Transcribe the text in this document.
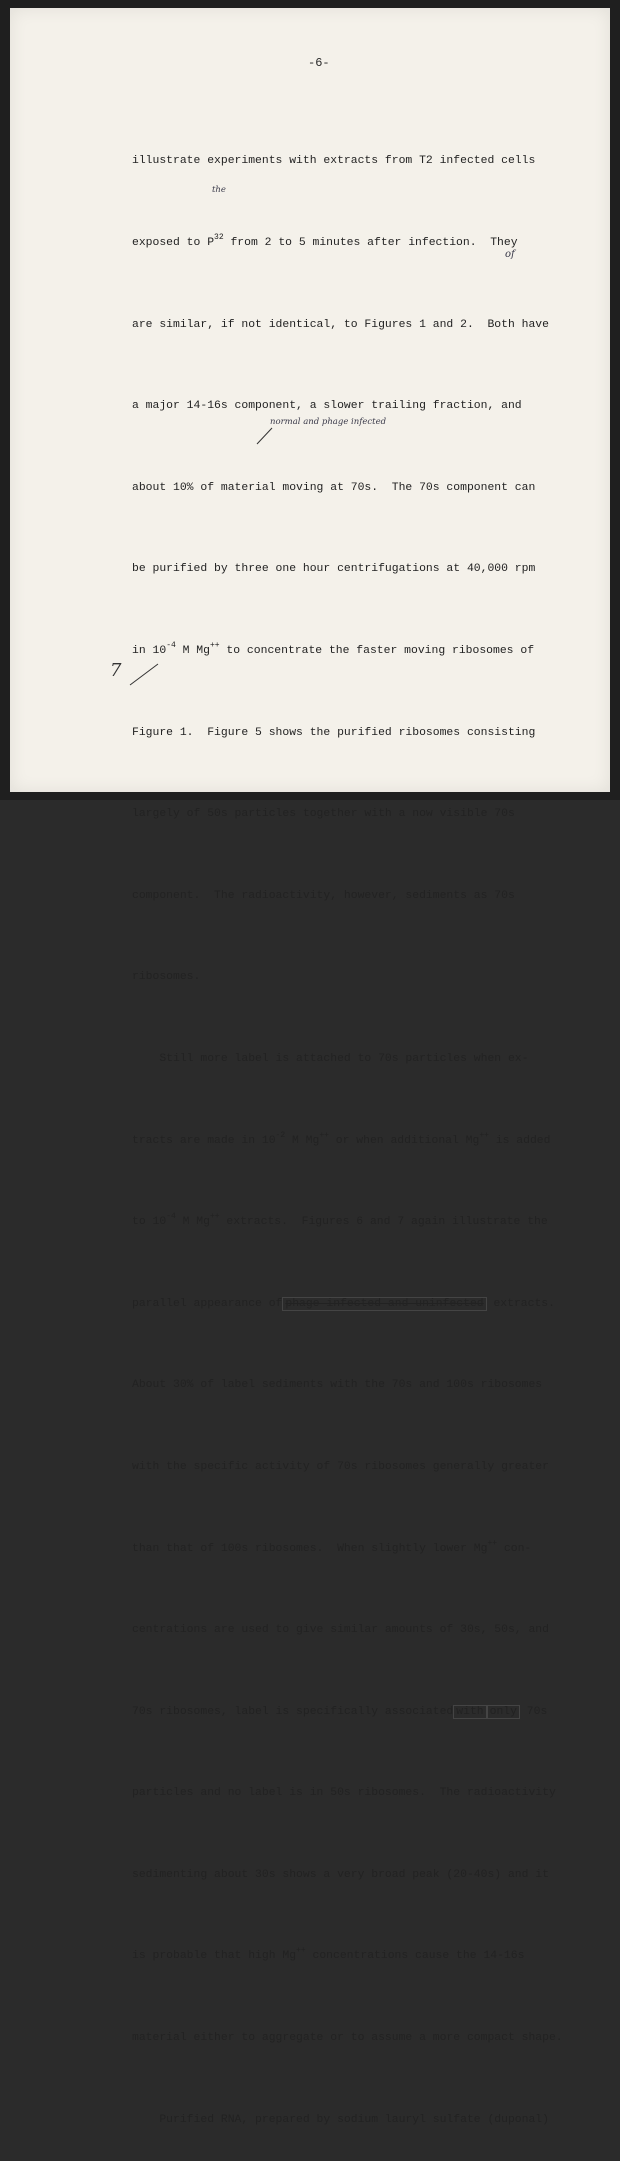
-6-

illustrate experiments with extracts from T2 infected cells

exposed to $P^{32}$ from 2 to 5 minutes after infection.  They

are similar, if not identical, to Figures 1 and 2.  Both have

a major 14-16s component, a slower trailing fraction, and

about 10% of material moving at 70s.  The 70s component can

be purified by three one hour centrifugations at 40,000 rpm

in $10^{-4}$ M Mg++ to concentrate the faster moving ribosomes of

Figure 1.  Figure 5 shows the purified ribosomes consisting

largely of 50s particles together with a now visible 70s

component.  The radioactivity, however, sediments as 70s

ribosomes.

Still more label is attached to 70s particles when ex-

tracts are made in $10^{-2}$ M Mg++ or when additional Mg++ is added

to $10^{-4}$ M Mg++ extracts.  Figures 6 and 7 again illustrate the

parallel appearance of phage infected and uninfected extracts.

About 30% of label sediments with the 70s and 100s ribosomes

with the specific activity of 70s ribosomes generally greater

than that of 100s ribosomes.  When slightly lower Mg++ con-

centrations are used to give similar amounts of 30s, 50s, and

70s ribosomes, label is specifically associated with only 70s

particles and no label is in 50s ribosomes.  The radioactivity

sedimenting about 30s shows a very broad peak (20-40s) and it

is probable that high Mg++ concentrations cause the 14-16s

material either to aggregate or to assume a more compact shape.

Purified RNA, prepared by sodium lauryl sulfate (duponal)

the
normal and phage infected
of
7
